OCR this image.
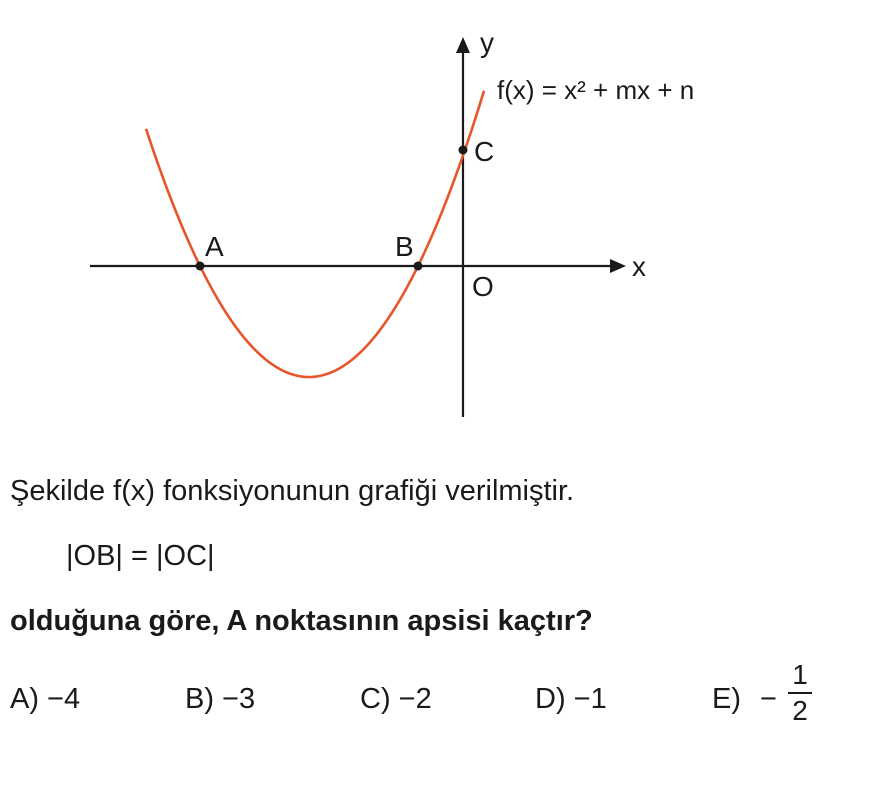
A	B
C
O
x
y
f(x) = x² + mx + n
Şekilde f(x) fonksiyonunun grafiği verilmiştir.
|OB| = |OC|
olduğuna göre, A noktasının apsisi kaçtır?
A) −4	B) −3	C) −2	D) −1	E) −
1
2
